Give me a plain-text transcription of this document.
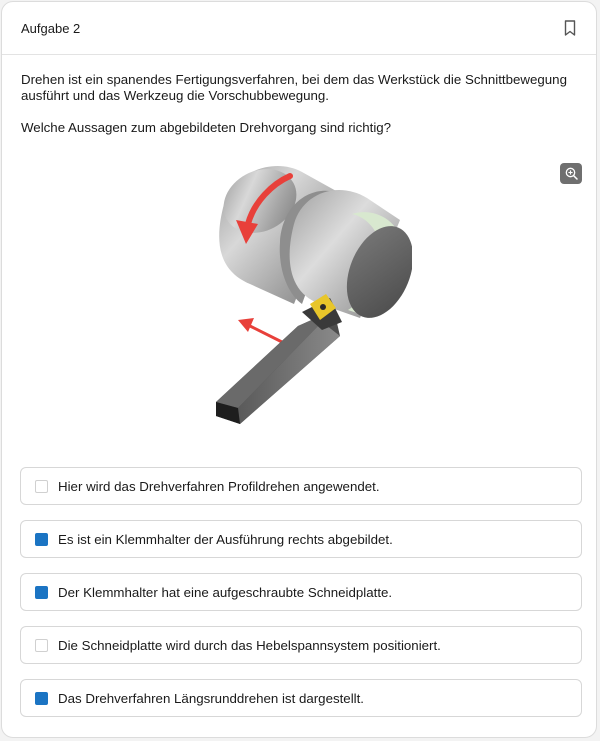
Aufgabe 2

Drehen ist ein spanendes Fertigungsverfahren, bei dem das Werkstück die Schnittbewegung ausführt und das Werkzeug die Vorschubbewegung.

Welche Aussagen zum abgebildeten Drehvorgang sind richtig?

Hier wird das Drehverfahren Profildrehen angewendet.
Es ist ein Klemmhalter der Ausführung rechts abgebildet.
Der Klemmhalter hat eine aufgeschraubte Schneidplatte.
Die Schneidplatte wird durch das Hebelspannsystem positioniert.
Das Drehverfahren Längsrunddrehen ist dargestellt.
